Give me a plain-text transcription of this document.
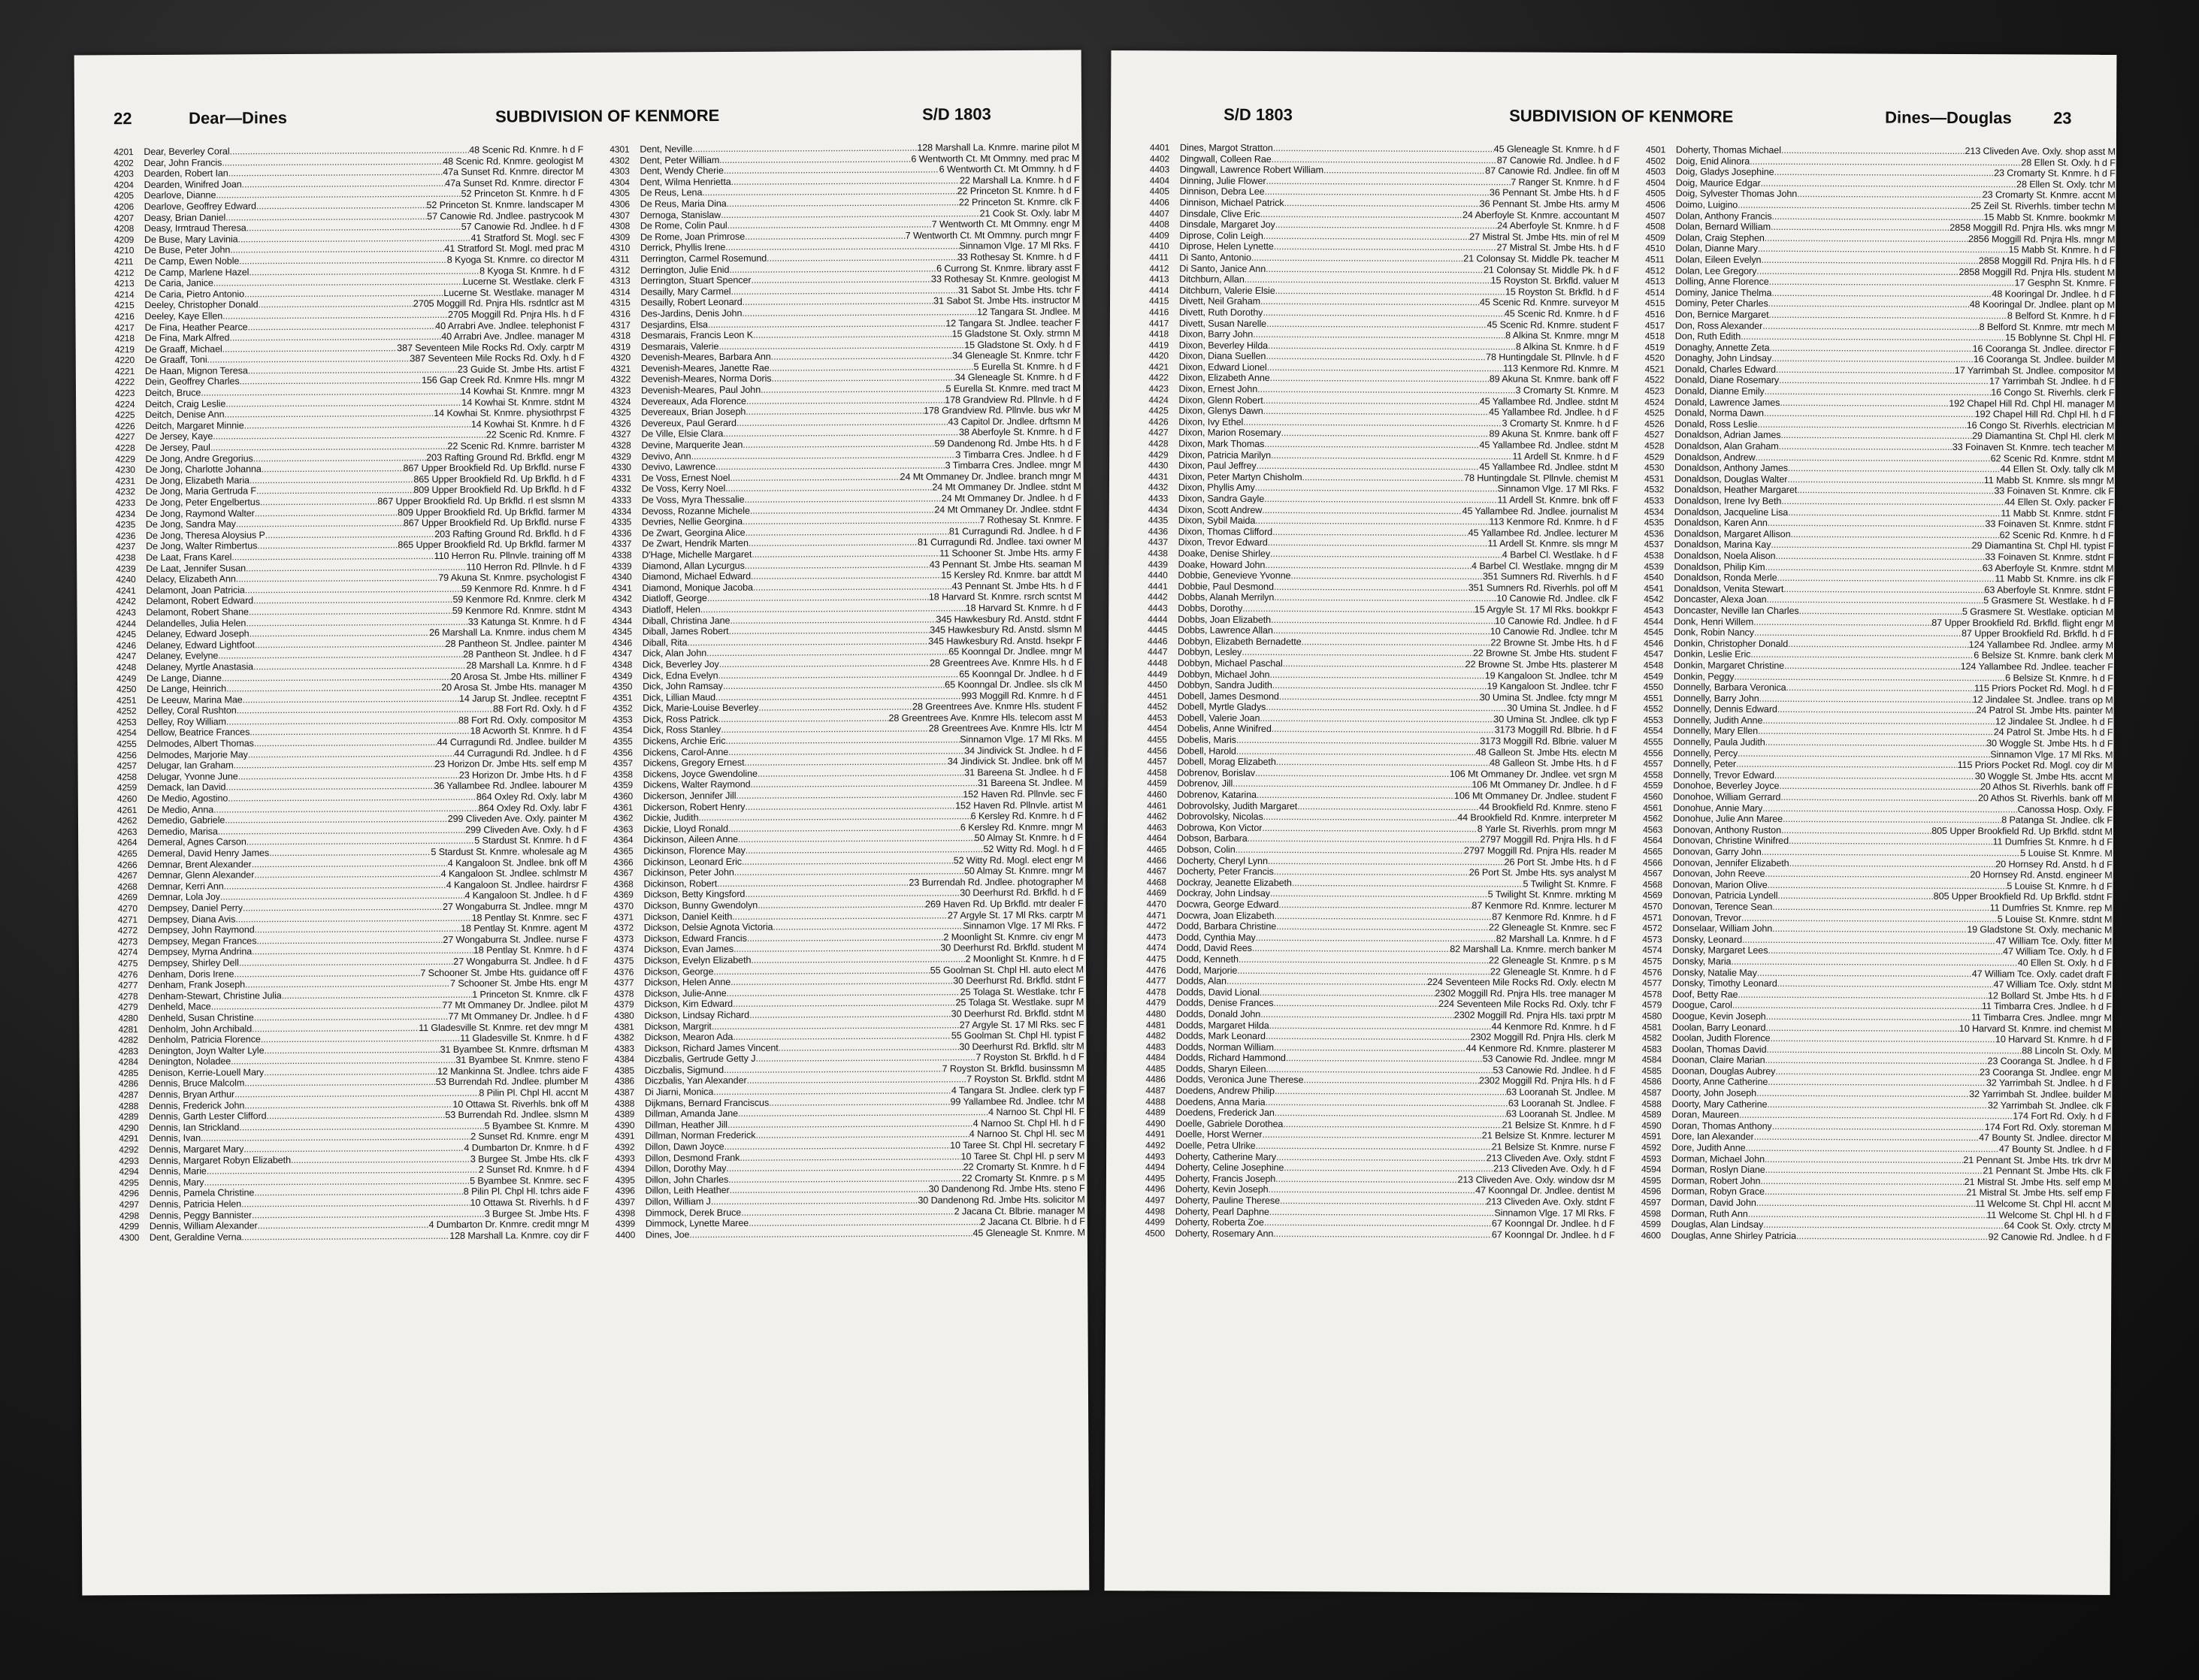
22	Dear—Dines	SUBDIVISION OF KENMORE	S/D 1803
4201	Dear, Beverley Coral .....	48 Scenic Rd. Knmre. h d F
4202	Dear, John Francis .....	48 Scenic Rd. Knmre. geologist M
4203	Dearden, Robert Ian .....	47a Sunset Rd. Knmre. director M
4204	Dearden, Winifred Joan .....	47a Sunset Rd. Knmre. director F
4205	Dearlove, Dianne .....	52 Princeton St. Knmre. h d F
4206	Dearlove, Geoffrey Edward .....	52 Princeton St. Knmre. landscaper M
4207	Deasy, Brian Daniel .....	57 Canowie Rd. Jndlee. pastrycook M
4208	Deasy, Irmtraud Theresa .....	57 Canowie Rd. Jndlee. h d F
4209	De Buse, Mary Lavinia .....	41 Stratford St. Mogl. sec F
4210	De Buse, Peter John .....	41 Stratford St. Mogl. med prac M
4211	De Camp, Ewen Noble .....	8 Kyoga St. Knmre. co director M
4212	De Camp, Marlene Hazel .....	8 Kyoga St. Knmre. h d F
4213	De Caria, Janice .....	Lucerne St. Westlake. clerk F
4214	De Caria, Pietro Antonio .....	Lucerne St. Westlake. manager M
4215	Deeley, Christopher Donald .....	2705 Moggill Rd. Pnjra Hls. rsdntlcr ast M
4216	Deeley, Kaye Ellen .....	2705 Moggill Rd. Pnjra Hls. h d F
4217	De Fina, Heather Pearce .....	40 Arrabri Ave. Jndlee. telephonist F
4218	De Fina, Mark Alfred .....	40 Arrabri Ave. Jndlee. manager M
4219	De Graaff, Michael .....	387 Seventeen Mile Rocks Rd. Oxly. carptr M
4220	De Graaff, Toni .....	387 Seventeen Mile Rocks Rd. Oxly. h d F
4221	De Haan, Mignon Teresa .....	23 Guide St. Jmbe Hts. artist F
4222	Dein, Geoffrey Charles .....	156 Gap Creek Rd. Knmre Hls. mngr M
4223	Deitch, Bruce .....	14 Kowhai St. Knmre. mngr M
4224	Deitch, Craig Leslie .....	14 Kowhai St. Knmre. stdnt M
4225	Deitch, Denise Ann .....	14 Kowhai St. Knmre. physiothrpst F
4226	Deitch, Margaret Minnie .....	14 Kowhai St. Knmre. h d F
4227	De Jersey, Kaye .....	22 Scenic Rd. Knmre. F
4228	De Jersey, Paul .....	22 Scenic Rd. Knmre. barrister M
4229	De Jong, Andre Gregorius .....	203 Rafting Ground Rd. Brkfld. engr M
4230	De Jong, Charlotte Johanna .....	867 Upper Brookfield Rd. Up Brkfld. nurse F
4231	De Jong, Elizabeth Maria .....	865 Upper Brookfield Rd. Up Brkfld. h d F
4232	De Jong, Maria Gertruda F .....	809 Upper Brookfield Rd. Up Brkfld. h d F
4233	De Jong, Peter Engelbertus .....	867 Upper Brookfield Rd. Up Brkfld. rl est slsmn M
4234	De Jong, Raymond Walter .....	809 Upper Brookfield Rd. Up Brkfld. farmer M
4235	De Jong, Sandra May .....	867 Upper Brookfield Rd. Up Brkfld. nurse F
4236	De Jong, Theresa Aloysius P .....	203 Rafting Ground Rd. Brkfld. h d F
4237	De Jong, Walter Rimbertus .....	865 Upper Brookfield Rd. Up Brkfld. farmer M
4238	De Laat, Frans Karel .....	110 Herron Ru. Pllnvle. training off M
4239	De Laat, Jennifer Susan .....	110 Herron Rd. Pllnvle. h d F
4240	Delacy, Elizabeth Ann .....	79 Akuna St. Knmre. psychologist F
4241	Delamont, Joan Patricia .....	59 Kenmore Rd. Knmre. h d F
4242	Delamont, Robert Edward .....	59 Kenmore Rd. Knmre. clerk M
4243	Delamont, Robert Shane .....	59 Kenmore Rd. Knmre. stdnt M
4244	Delandelles, Julia Helen .....	33 Katunga St. Knmre. h d F
4245	Delaney, Edward Joseph .....	26 Marshall La. Knmre. indus chem M
4246	Delaney, Edward Lightfoot .....	28 Pantheon St. Jndlee. painter M
4247	Delaney, Evelyne .....	28 Pantheon St. Jndlee. h d F
4248	Delaney, Myrtle Anastasia .....	28 Marshall La. Knmre. h d F
4249	De Lange, Dianne .....	20 Arosa St. Jmbe Hts. milliner F
4250	De Lange, Heinrich .....	20 Arosa St. Jmbe Hts. manager M
4251	De Leeuw, Marina Mae .....	14 Jarup St. Jndlee. receptnt F
4252	Delley, Coral Rushton .....	88 Fort Rd. Oxly. h d F
4253	Delley, Roy William .....	88 Fort Rd. Oxly. compositor M
4254	Dellow, Beatrice Frances .....	18 Acworth St. Knmre. h d F
4255	Delmodes, Albert Thomas .....	44 Curragundi Rd. Jndlee. builder M
4256	Delmodes, Marjorie May .....	44 Curragundi Rd. Jndlee. h d F
4257	Delugar, Ian Graham .....	23 Horizon Dr. Jmbe Hts. self emp M
4258	Delugar, Yvonne June .....	23 Horizon Dr. Jmbe Hts. h d F
4259	Demack, Ian David .....	36 Yallambee Rd. Jndlee. labourer M
4260	De Medio, Agostino .....	864 Oxley Rd. Oxly. labr M
4261	De Medio, Anna .....	864 Oxley Rd. Oxly. labr F
4262	Demedio, Gabriele .....	299 Cliveden Ave. Oxly. painter M
4263	Demedio, Marisa .....	299 Cliveden Ave. Oxly. h d F
4264	Demeral, Agnes Carson .....	5 Stardust St. Knmre. h d F
4265	Demeral, David Henry James .....	5 Stardust St. Knmre. wholesale ag M
4266	Demnar, Brent Alexander .....	4 Kangaloon St. Jndlee. bnk off M
4267	Demnar, Glenn Alexander .....	4 Kangaloon St. Jndlee. schlmstr M
4268	Demnar, Kerri Ann .....	4 Kangaloon St. Jndlee. hairdrsr F
4269	Demnar, Lola Joy .....	4 Kangaloon St. Jndlee. h d F
4270	Dempsey, Daniel Perry .....	27 Wongaburra St. Jndlee. mngr M
4271	Dempsey, Diana Avis .....	18 Pentlay St. Knmre. sec F
4272	Dempsey, John Raymond .....	18 Pentlay St. Knmre. agent M
4273	Dempsey, Megan Frances .....	27 Wongaburra St. Jndlee. nurse F
4274	Dempsey, Myrna Andrina .....	18 Pentlay St. Knmre. h d F
4275	Dempsey, Shirley Dell .....	27 Wongaburra St. Jndlee. h d F
4276	Denham, Doris Irene .....	7 Schooner St. Jmbe Hts. guidance off F
4277	Denham, Frank Joseph .....	7 Schooner St. Jmbe Hts. engr M
4278	Denham-Stewart, Christine Julia .....	1 Princeton St. Knmre. clk F
4279	Denheld, Mace .....	77 Mt Ommaney Dr. Jndlee. pilot M
4280	Denheld, Susan Christine .....	77 Mt Ommaney Dr. Jndlee. h d F
4281	Denholm, John Archibald .....	11 Gladesville St. Knmre. ret dev mngr M
4282	Denholm, Patricia Florence .....	11 Gladesville St. Knmre. h d F
4283	Denington, Joyn Walter Lyle .....	31 Byambee St. Knmre. drftsman M
4284	Denington, Noladee .....	31 Byambee St. Knmre. steno F
4285	Denison, Kerrie-Louell Mary .....	12 Mankinna St. Jndlee. tchrs aide F
4286	Dennis, Bruce Malcolm .....	53 Burrendah Rd. Jndlee. plumber M
4287	Dennis, Bryan Arthur .....	8 Pilin Pl. Chpl Hl. accnt M
4288	Dennis, Frederick John .....	10 Ottawa St. Riverhls. bnk off M
4289	Dennis, Garth Lester Clifford .....	53 Burrendah Rd. Jndlee. slsmn M
4290	Dennis, Ian Strickland .....	5 Byambee St. Knmre. M
4291	Dennis, Ivan .....	2 Sunset Rd. Knmre. engr M
4292	Dennis, Margaret Mary .....	4 Dumbarton Dr. Knmre. h d F
4293	Dennis, Margaret Robyn Elizabeth .....	3 Burgee St. Jmbe Hts. clk F
4294	Dennis, Marie .....	2 Sunset Rd. Knmre. h d F
4295	Dennis, Mary .....	5 Byambee St. Knmre. sec F
4296	Dennis, Pamela Christine .....	8 Pilin Pl. Chpl Hl. tchrs aide F
4297	Dennis, Patricia Helen .....	10 Ottawa St. Riverhls. h d F
4298	Dennis, Peggy Bannister .....	3 Burgee St. Jmbe Hts. F
4299	Dennis, William Alexander .....	4 Dumbarton Dr. Knmre. credit mngr M
4300	Dent, Geraldine Verna .....	128 Marshall La. Knmre. coy dir F
4301	Dent, Neville .....	128 Marshall La. Knmre. marine pilot M
4302	Dent, Peter William .....	6 Wentworth Ct. Mt Ommny. med prac M
4303	Dent, Wendy Cherie .....	6 Wentworth Ct. Mt Ommny. h d F
4304	Dent, Wilma Henrietta .....	22 Marshall La. Knmre. h d F
4305	De Reus, Lena .....	22 Princeton St. Knmre. h d F
4306	De Reus, Maria Dina .....	22 Princeton St. Knmre. clk F
4307	Dernoga, Stanislaw .....	21 Cook St. Oxly. labr M
4308	De Rome, Colin Paul .....	7 Wentworth Ct. Mt Ommny. engr M
4309	De Rome, Joan Primrose .....	7 Wentworth Ct. Mt Ommny. purch mngr F
4310	Derrick, Phyllis Irene .....	Sinnamon Vlge. 17 Ml Rks. F
4311	Derrington, Carmel Rosemund .....	33 Rothesay St. Knmre. h d F
4312	Derrington, Julie Enid .....	6 Currong St. Knmre. library asst F
4313	Derrington, Stuart Spencer .....	33 Rothesay St. Knmre. geologist M
4314	Desailly, Mary Carmel .....	31 Sabot St. Jmbe Hts. tchr F
4315	Desailly, Robert Leonard .....	31 Sabot St. Jmbe Hts. instructor M
4316	Des-Jardins, Denis John .....	12 Tangara St. Jndlee. M
4317	Desjardins, Elsa .....	12 Tangara St. Jndlee. teacher F
4318	Desmarais, Francis Leon K .....	15 Gladstone St. Oxly. strmn M
4319	Desmarais, Valerie .....	15 Gladstone St. Oxly. h d F
4320	Devenish-Meares, Barbara Ann .....	34 Gleneagle St. Knmre. tchr F
4321	Devenish-Meares, Janette Rae .....	5 Eurella St. Knmre. h d F
4322	Devenish-Meares, Norma Doris .....	34 Gleneagle St. Knmre. h d F
4323	Devenish-Meares, Paul John .....	5 Eurella St. Knmre. med tract M
4324	Devereaux, Ada Florence .....	178 Grandview Rd. Pllnvle. h d F
4325	Devereaux, Brian Joseph .....	178 Grandview Rd. Pllnvle. bus wkr M
4326	Devereux, Paul Gerard .....	43 Capitol Dr. Jndlee. drftsmn M
4327	De Ville, Elsie Clara .....	38 Aberfoyle St. Knmre. h d F
4328	Devine, Marquerite Jean .....	59 Dandenong Rd. Jmbe Hts. h d F
4329	Devivo, Ann .....	3 Timbarra Cres. Jndlee. h d F
4330	Devivo, Lawrence .....	3 Timbarra Cres. Jndlee. mngr M
4331	De Voss, Ernest Noel .....	24 Mt Ommaney Dr. Jndlee. branch mngr M
4332	De Voss, Kerry Noel .....	24 Mt Ommaney Dr. Jndlee. stdnt M
4333	De Voss, Myra Thessalie .....	24 Mt Ommaney Dr. Jndlee. h d F
4334	Devoss, Rozanne Michele .....	24 Mt Ommaney Dr. Jndlee. stdnt F
4335	Devries, Nellie Georgina .....	7 Rothesay St. Knmre. F
4336	De Zwart, Georgina Alice .....	81 Curragundi Rd. Jndlee. h d F
4337	De Zwart, Hendrik Marten .....	81 Curragundi Rd. Jndlee. taxi owner M
4338	D'Hage, Michelle Margaret .....	11 Schooner St. Jmbe Hts. army F
4339	Diamond, Allan Lycurgus .....	43 Pennant St. Jmbe Hts. seaman M
4340	Diamond, Michael Edward .....	15 Kersley Rd. Knmre. bar attdt M
4341	Diamond, Monique Jacoba .....	43 Pennant St. Jmbe Hts. h d F
4342	Diatloff, George .....	18 Harvard St. Knmre. rsrch scntst M
4343	Diatloff, Helen .....	18 Harvard St. Knmre. h d F
4344	Diball, Christina Jane .....	345 Hawkesbury Rd. Anstd. stdnt F
4345	Diball, James Robert .....	345 Hawkesbury Rd. Anstd. slsmn M
4346	Diball, Rita .....	345 Hawkesbury Rd. Anstd. hsekpr F
4347	Dick, Alan John .....	65 Koonngal Dr. Jndlee. mngr M
4348	Dick, Beverley Joy .....	28 Greentrees Ave. Knmre Hls. h d F
4349	Dick, Edna Evelyn .....	65 Koonngal Dr. Jndlee. h d F
4350	Dick, John Ramsay .....	65 Koonngal Dr. Jndlee. sls clk M
4351	Dick, Lillian Maud .....	993 Moggill Rd. Knmre. h d F
4352	Dick, Marie-Louise Beverley .....	28 Greentrees Ave. Knmre Hls. student F
4353	Dick, Ross Patrick .....	28 Greentrees Ave. Knmre Hls. telecom asst M
4354	Dick, Ross Stanley .....	28 Greentrees Ave. Knmre Hls. lctr M
4355	Dickens, Archie Eric .....	Sinnamon Vlge. 17 Ml Rks. M
4356	Dickens, Carol-Anne .....	34 Jindivick St. Jndlee. h d F
4357	Dickens, Gregory Ernest .....	34 Jindivick St. Jndlee. bnk off M
4358	Dickens, Joyce Gwendoline .....	31 Bareena St. Jndlee. h d F
4359	Dickens, Walter Raymond .....	31 Bareena St. Jndlee. M
4360	Dickerson, Jennifer Jill .....	152 Haven Rd. Pllnvle. sec F
4361	Dickerson, Robert Henry .....	152 Haven Rd. Pllnvle. artist M
4362	Dickie, Judith .....	6 Kersley Rd. Knmre. h d F
4363	Dickie, Lloyd Ronald .....	6 Kersley Rd. Knmre. mngr M
4364	Dickinson, Aileen Anne .....	50 Almay St. Knmre. h d F
4365	Dickinson, Florence May .....	52 Witty Rd. Mogl. h d F
4366	Dickinson, Leonard Eric .....	52 Witty Rd. Mogl. elect engr M
4367	Dickinson, Peter John .....	50 Almay St. Knmre. mngr M
4368	Dickinson, Robert .....	23 Burrendah Rd. Jndlee. photographer M
4369	Dickson, Betty Kingsford .....	30 Deerhurst Rd. Brkfld. h d F
4370	Dickson, Bunny Gwendolyn .....	269 Haven Rd. Up Brkfld. mtr dealer F
4371	Dickson, Daniel Keith .....	27 Argyle St. 17 Ml Rks. carptr M
4372	Dickson, Delsie Agnota Victoria .....	Sinnamon Vlge. 17 Ml Rks. F
4373	Dickson, Edward Francis .....	2 Moonlight St. Knmre. civ engr M
4374	Dickson, Evan James .....	30 Deerhurst Rd. Brkfld. student M
4375	Dickson, Evelyn Elizabeth .....	2 Moonlight St. Knmre. h d F
4376	Dickson, George .....	55 Goolman St. Chpl Hl. auto elect M
4377	Dickson, Helen Anne .....	30 Deerhurst Rd. Brkfld. stdnt F
4378	Dickson, Julie-Anne .....	25 Tolaga St. Westlake. tchr F
4379	Dickson, Kim Edward .....	25 Tolaga St. Westlake. supr M
4380	Dickson, Lindsay Richard .....	30 Deerhurst Rd. Brkfld. stdnt M
4381	Dickson, Margrit .....	27 Argyle St. 17 Ml Rks. sec F
4382	Dickson, Mearon Ada .....	55 Goolman St. Chpl Hl. typist F
4383	Dickson, Richard James Vincent .....	30 Deerhurst Rd. Brkfld. sltr M
4384	Diczbalis, Gertrude Getty J .....	7 Royston St. Brkfld. h d F
4385	Diczbalis, Sigmund .....	7 Royston St. Brkfld. businssmn M
4386	Diczbalis, Yan Alexander .....	7 Royston St. Brkfld. stdnt M
4387	Di Jiarni, Monica .....	4 Tangara St. Jndlee. clerk typ F
4388	Dijkmans, Bernard Franciscus .....	99 Yallambee Rd. Jndlee. tchr M
4389	Dillman, Amanda Jane .....	4 Narnoo St. Chpl Hl. F
4390	Dillman, Heather Jill .....	4 Narnoo St. Chpl Hl. h d F
4391	Dillman, Norman Frederick .....	4 Narnoo St. Chpl Hl. sec M
4392	Dillon, Dawn Joyce .....	10 Taree St. Chpl Hl. secretary F
4393	Dillon, Desmond Frank .....	10 Taree St. Chpl Hl. p serv M
4394	Dillon, Dorothy May .....	22 Cromarty St. Knmre. h d F
4395	Dillon, John Charles .....	22 Cromarty St. Knmre. p s M
4396	Dillon, Leith Heather .....	30 Dandenong Rd. Jmbe Hts. steno F
4397	Dillon, William J .....	30 Dandenong Rd. Jmbe Hts. solicitor M
4398	Dimmock, Derek Bruce .....	2 Jacana Ct. Blbrie. manager M
4399	Dimmock, Lynette Maree .....	2 Jacana Ct. Blbrie. h d F
4400	Dines, Joe .....	45 Gleneagle St. Knmre. M
S/D 1803	SUBDIVISION OF KENMORE	Dines—Douglas	23
4401	Dines, Margot Stratton .....	45 Gleneagle St. Knmre. h d F
4402	Dingwall, Colleen Rae .....	87 Canowie Rd. Jndlee. h d F
4403	Dingwall, Lawrence Robert William .....	87 Canowie Rd. Jndlee. fin off M
4404	Dinning, Julie Flower .....	7 Ranger St. Knmre. h d F
4405	Dinnison, Debra Lee .....	36 Pennant St. Jmbe Hts. h d F
4406	Dinnison, Michael Patrick .....	36 Pennant St. Jmbe Hts. army M
4407	Dinsdale, Clive Eric .....	24 Aberfoyle St. Knmre. accountant M
4408	Dinsdale, Margaret Joy .....	24 Aberfoyle St. Knmre. h d F
4409	Diprose, Colin Leigh .....	27 Mistral St. Jmbe Hts. min of rel M
4410	Diprose, Helen Lynette .....	27 Mistral St. Jmbe Hts. h d F
4411	Di Santo, Antonio .....	21 Colonsay St. Middle Pk. teacher M
4412	Di Santo, Janice Ann .....	21 Colonsay St. Middle Pk. h d F
4413	Ditchburn, Allan .....	15 Royston St. Brkfld. valuer M
4414	Ditchburn, Valerie Elsie .....	15 Royston St. Brkfld. h d F
4415	Divett, Neil Graham .....	45 Scenic Rd. Knmre. surveyor M
4416	Divett, Ruth Dorothy .....	45 Scenic Rd. Knmre. h d F
4417	Divett, Susan Narelle .....	45 Scenic Rd. Knmre. student F
4418	Dixon, Barry John .....	8 Alkina St. Knmre. mngr M
4419	Dixon, Beverley Hilda .....	8 Alkina St. Knmre. h d F
4420	Dixon, Diana Suellen .....	78 Huntingdale St. Pllnvle. h d F
4421	Dixon, Edward Lionel .....	113 Kenmore Rd. Knmre. M
4422	Dixon, Elizabeth Anne .....	89 Akuna St. Knmre. bank off F
4423	Dixon, Ernest John .....	3 Cromarty St. Knmre. M
4424	Dixon, Glenn Robert .....	45 Yallambee Rd. Jndlee. stdnt M
4425	Dixon, Glenys Dawn .....	45 Yallambee Rd. Jndlee. h d F
4426	Dixon, Ivy Ethel .....	3 Cromarty St. Knmre. h d F
4427	Dixon, Marion Rosemary .....	89 Akuna St. Knmre. bank off F
4428	Dixon, Mark Thomas .....	45 Yallambee Rd. Jndlee. stdnt M
4429	Dixon, Patricia Marilyn .....	11 Ardell St. Knmre. h d F
4430	Dixon, Paul Jeffrey .....	45 Yallambee Rd. Jndlee. stdnt M
4431	Dixon, Peter Martyn Chisholm .....	78 Huntingdale St. Pllnvle. chemist M
4432	Dixon, Phyllis Amy .....	Sinnamon Vlge. 17 Ml Rks. F
4433	Dixon, Sandra Gayle .....	11 Ardell St. Knmre. bnk off F
4434	Dixon, Scott Andrew .....	45 Yallambee Rd. Jndlee. journalist M
4435	Dixon, Sybil Maida .....	113 Kenmore Rd. Knmre. h d F
4436	Dixon, Thomas Clifford .....	45 Yallambee Rd. Jndlee. lecturer M
4437	Dixon, Trevor Edward .....	11 Ardell St. Knmre. sls mngr M
4438	Doake, Denise Shirley .....	4 Barbel Cl. Westlake. h d F
4439	Doake, Howard John .....	4 Barbel Cl. Westlake. mngng dir M
4440	Dobbie, Genevieve Yvonne .....	351 Sumners Rd. Riverhls. h d F
4441	Dobbie, Paul Desmond .....	351 Sumners Rd. Riverhls. pol off M
4442	Dobbs, Alanah Merrilyn .....	10 Canowie Rd. Jndlee. clk F
4443	Dobbs, Dorothy .....	15 Argyle St. 17 Ml Rks. bookkpr F
4444	Dobbs, Joan Elizabeth .....	10 Canowie Rd. Jndlee. h d F
4445	Dobbs, Lawrence Allan .....	10 Canowie Rd. Jndlee. tchr M
4446	Dobbyn, Elizabeth Bernadette .....	22 Browne St. Jmbe Hts. h d F
4447	Dobbyn, Lesley .....	22 Browne St. Jmbe Hts. student F
4448	Dobbyn, Michael Paschal .....	22 Browne St. Jmbe Hts. plasterer M
4449	Dobbyn, Michael John .....	19 Kangaloon St. Jndlee. tchr M
4450	Dobbyn, Sandra Judith .....	19 Kangaloon St. Jndlee. tchr F
4451	Dobell, James Desmond .....	30 Umina St. Jndlee. fcty mngr M
4452	Dobell, Myrtle Gladys .....	30 Umina St. Jndlee. h d F
4453	Dobell, Valerie Joan .....	30 Umina St. Jndlee. clk typ F
4454	Dobelis, Anne Winifred .....	3173 Moggill Rd. Blbrie. h d F
4455	Dobelis, Maris .....	3173 Moggill Rd. Blbrie. valuer M
4456	Dobell, Harold .....	48 Galleon St. Jmbe Hts. electn M
4457	Dobell, Morag Elizabeth .....	48 Galleon St. Jmbe Hts. h d F
4458	Dobrenov, Borislav .....	106 Mt Ommaney Dr. Jndlee. vet srgn M
4459	Dobrenov, Jill .....	106 Mt Ommaney Dr. Jndlee. h d F
4460	Dobrenov, Katarina .....	106 Mt Ommaney Dr. Jndlee. student F
4461	Dobrovolsky, Judith Margaret .....	44 Brookfield Rd. Knmre. steno F
4462	Dobrovolsky, Nicolas .....	44 Brookfield Rd. Knmre. interpreter M
4463	Dobrowa, Kon Victor .....	8 Yarle St. Riverhls. prom mngr M
4464	Dobson, Barbara .....	2797 Moggill Rd. Pnjra Hls. h d F
4465	Dobson, Colin .....	2797 Moggill Rd. Pnjra Hls. reader M
4466	Docherty, Cheryl Lynn .....	26 Port St. Jmbe Hts. h d F
4467	Docherty, Peter Francis .....	26 Port St. Jmbe Hts. sys analyst M
4468	Dockray, Jeanette Elizabeth .....	5 Twilight St. Knmre. F
4469	Dockray, John Lindsay .....	5 Twilight St. Knmre. mrkting M
4470	Docwra, George Edward .....	87 Kenmore Rd. Knmre. lecturer M
4471	Docwra, Joan Elizabeth .....	87 Kenmore Rd. Knmre. h d F
4472	Dodd, Barbara Christine .....	22 Gleneagle St. Knmre. sec F
4473	Dodd, Cynthia May .....	82 Marshall La. Knmre. h d F
4474	Dodd, David Rees .....	82 Marshall La. Knmre. merch banker M
4475	Dodd, Kenneth .....	22 Gleneagle St. Knmre. p s M
4476	Dodd, Marjorie .....	22 Gleneagle St. Knmre. h d F
4477	Dodds, Alan .....	224 Seventeen Mile Rocks Rd. Oxly. electn M
4478	Dodds, David Lional .....	2302 Moggill Rd. Pnjra Hls. tree manager M
4479	Dodds, Denise Frances .....	224 Seventeen Mile Rocks Rd. Oxly. tchr F
4480	Dodds, Donald John .....	2302 Moggill Rd. Pnjra Hls. taxi prptr M
4481	Dodds, Margaret Hilda .....	44 Kenmore Rd. Knmre. h d F
4482	Dodds, Mark Leonard .....	2302 Moggill Rd. Pnjra Hls. clerk M
4483	Dodds, Norman William .....	44 Kenmore Rd. Knmre. plasterer M
4484	Dodds, Richard Hammond .....	53 Canowie Rd. Jndlee. mngr M
4485	Dodds, Sharyn Eileen .....	53 Canowie Rd. Jndlee. h d F
4486	Dodds, Veronica June Therese .....	2302 Moggill Rd. Pnjra Hls. h d F
4487	Doedens, Andrew Philip .....	63 Looranah St. Jndlee. M
4488	Doedens, Anna Maria .....	63 Looranah St. Jndlee. F
4489	Doedens, Frederick Jan .....	63 Looranah St. Jndlee. M
4490	Doelle, Gabriele Dorothea .....	21 Belsize St. Knmre. h d F
4491	Doelle, Horst Werner .....	21 Belsize St. Knmre. lecturer M
4492	Doelle, Petra Ulrike .....	21 Belsize St. Knmre. nurse F
4493	Doherty, Catherine Mary .....	213 Cliveden Ave. Oxly. stdnt F
4494	Doherty, Celine Josephine .....	213 Cliveden Ave. Oxly. h d F
4495	Doherty, Francis Joseph .....	213 Cliveden Ave. Oxly. window dsr M
4496	Doherty, Kevin Joseph .....	47 Koonngal Dr. Jndlee. dentist M
4497	Doherty, Pauline Therese .....	213 Cliveden Ave. Oxly. stdnt F
4498	Doherty, Pearl Daphne .....	Sinnamon Vlge. 17 Ml Rks. F
4499	Doherty, Roberta Zoe .....	67 Koonngal Dr. Jndlee. h d F
4500	Doherty, Rosemary Ann .....	67 Koonngal Dr. Jndlee. h d F
4501	Doherty, Thomas Michael .....	213 Cliveden Ave. Oxly. shop asst M
4502	Doig, Enid Alinora .....	28 Ellen St. Oxly. h d F
4503	Doig, Gladys Josephine .....	23 Cromarty St. Knmre. h d F
4504	Doig, Maurice Edgar .....	28 Ellen St. Oxly. tchr M
4505	Doig, Sylvester Thomas John .....	23 Cromarty St. Knmre. accnt M
4506	Doimo, Luigino .....	25 Zeil St. Riverhls. timber techn M
4507	Dolan, Anthony Francis .....	15 Mabb St. Knmre. bookmkr M
4508	Dolan, Bernard William .....	2858 Moggill Rd. Pnjra Hls. wks mngr M
4509	Dolan, Craig Stephen .....	2856 Moggill Rd. Pnjra Hls. mngr M
4510	Dolan, Dianne Mary .....	15 Mabb St. Knmre. h d F
4511	Dolan, Eileen Evelyn .....	2858 Moggill Rd. Pnjra Hls. h d F
4512	Dolan, Lee Gregory .....	2858 Moggill Rd. Pnjra Hls. student M
4513	Dolling, Anne Florence .....	17 Gesphn St. Knmre. F
4514	Dominy, Janice Thelma .....	48 Kooringal Dr. Jndlee. h d F
4515	Dominy, Peter Charles .....	48 Kooringal Dr. Jndlee. plant op M
4516	Don, Bernice Margaret .....	8 Belford St. Knmre. h d F
4517	Don, Ross Alexander .....	8 Belford St. Knmre. mtr mech M
4518	Don, Ruth Edith .....	15 Boblynne St. Chpl Hl. F
4519	Donaghy, Annette Zeta .....	16 Cooranga St. Jndlee. director F
4520	Donaghy, John Lindsay .....	16 Cooranga St. Jndlee. builder M
4521	Donald, Charles Edward .....	17 Yarrimbah St. Jndlee. compositor M
4522	Donald, Diane Rosemary .....	17 Yarrimbah St. Jndlee. h d F
4523	Donald, Dianne Emily .....	16 Congo St. Riverhls. clerk F
4524	Donald, Lawrence James .....	192 Chapel Hill Rd. Chpl Hl. manager M
4525	Donald, Norma Dawn .....	192 Chapel Hill Rd. Chpl Hl. h d F
4526	Donald, Ross Leslie .....	16 Congo St. Riverhls. electrician M
4527	Donaldson, Adrian James .....	29 Diamantina St. Chpl Hl. clerk M
4528	Donaldson, Alan Graham .....	33 Foinaven St. Knmre. tech teacher M
4529	Donaldson, Andrew .....	62 Scenic Rd. Knmre. stdnt M
4530	Donaldson, Anthony James .....	44 Ellen St. Oxly. tally clk M
4531	Donaldson, Douglas Walter .....	11 Mabb St. Knmre. sls mngr M
4532	Donaldson, Heather Margaret .....	33 Foinaven St. Knmre. clk F
4533	Donaldson, Irene Ivy Beth .....	44 Ellen St. Oxly. packer F
4534	Donaldson, Jacqueline Lisa .....	11 Mabb St. Knmre. stdnt F
4535	Donaldson, Karen Ann .....	33 Foinaven St. Knmre. stdnt F
4536	Donaldson, Margaret Allison .....	62 Scenic Rd. Knmre. h d F
4537	Donaldson, Marina Kay .....	29 Diamantina St. Chpl Hl. typist F
4538	Donaldson, Noela Alison .....	33 Foinaven St. Knmre. stdnt F
4539	Donaldson, Philip Kim .....	63 Aberfoyle St. Knmre. stdnt M
4540	Donaldson, Ronda Merle .....	11 Mabb St. Knmre. ins clk F
4541	Donaldson, Venita Stewart .....	63 Aberfoyle St. Knmre. stdnt F
4542	Doncaster, Alexa Joan .....	5 Grasmere St. Westlake. h d F
4543	Doncaster, Neville Ian Charles .....	5 Grasmere St. Westlake. optician M
4544	Donk, Henri Willem .....	87 Upper Brookfield Rd. Brkfld. flight engr M
4545	Donk, Robin Nancy .....	87 Upper Brookfield Rd. Brkfld. h d F
4546	Donkin, Christopher Donald .....	124 Yallambee Rd. Jndlee. army M
4547	Donkin, Leslie Eric .....	6 Belsize St. Knmre. bank clerk M
4548	Donkin, Margaret Christine .....	124 Yallambee Rd. Jndlee. teacher F
4549	Donkin, Peggy .....	6 Belsize St. Knmre. h d F
4550	Donnelly, Barbara Veronica .....	115 Priors Pocket Rd. Mogl. h d F
4551	Donnelly, Barry John .....	12 Jindalee St. Jndlee. trans op M
4552	Donnelly, Dennis Edward .....	24 Patrol St. Jmbe Hts. painter M
4553	Donnelly, Judith Anne .....	12 Jindalee St. Jndlee. h d F
4554	Donnelly, Mary Ellen .....	24 Patrol St. Jmbe Hts. h d F
4555	Donnelly, Paula Judith .....	30 Woggle St. Jmbe Hts. h d F
4556	Donnelly, Percy .....	Sinnamon Vlge. 17 Ml Rks. M
4557	Donnelly, Peter .....	115 Priors Pocket Rd. Mogl. coy dir M
4558	Donnelly, Trevor Edward .....	30 Woggle St. Jmbe Hts. accnt M
4559	Donohoe, Beverley Joyce .....	20 Athos St. Riverhls. bank off F
4560	Donohoe, William Gerrard .....	20 Athos St. Riverhls. bank off M
4561	Donohue, Annie Mary .....	Canossa Hosp. Oxly. F
4562	Donohue, Julie Ann Maree .....	8 Patanga St. Jndlee. clk F
4563	Donovan, Anthony Ruston .....	805 Upper Brookfield Rd. Up Brkfld. stdnt M
4564	Donovan, Christine Winifred .....	11 Dumfries St. Knmre. h d F
4565	Donovan, Garry John .....	5 Louise St. Knmre. M
4566	Donovan, Jennifer Elizabeth .....	20 Hornsey Rd. Anstd. h d F
4567	Donovan, John Reeve .....	20 Hornsey Rd. Anstd. engineer M
4568	Donovan, Marion Olive .....	5 Louise St. Knmre. h d F
4569	Donovan, Patricia Lyndell .....	805 Upper Brookfield Rd. Up Brkfld. stdnt F
4570	Donovan, Terence Sean .....	11 Dumfries St. Knmre. rep M
4571	Donovan, Trevor .....	5 Louise St. Knmre. stdnt M
4572	Donselaar, William John .....	19 Gladstone St. Oxly. mechanic M
4573	Donsky, Leonard .....	47 William Tce. Oxly. fitter M
4574	Donsky, Margaret Lees .....	47 William Tce. Oxly. h d F
4575	Donsky, Maria .....	40 Ellen St. Oxly. h d F
4576	Donsky, Natalie May .....	47 William Tce. Oxly. cadet draft F
4577	Donsky, Timothy Leonard .....	47 William Tce. Oxly. stdnt M
4578	Doof, Betty Rae .....	12 Bollard St. Jmbe Hts. h d F
4579	Doogue, Carol .....	11 Timbarra Cres. Jndlee. h d F
4580	Doogue, Kevin Joseph .....	11 Timbarra Cres. Jndlee. mngr M
4581	Doolan, Barry Leonard .....	10 Harvard St. Knmre. ind chemist M
4582	Doolan, Judith Florence .....	10 Harvard St. Knmre. h d F
4583	Doolan, Thomas David .....	88 Lincoln St. Oxly. M
4584	Doonan, Claire Marian .....	23 Cooranga St. Jndlee. h d F
4585	Doonan, Douglas Aubrey .....	23 Cooranga St. Jndlee. engr M
4586	Doorty, Anne Catherine .....	32 Yarrimbah St. Jndlee. h d F
4587	Doorty, John Joseph .....	32 Yarrimbah St. Jndlee. builder M
4588	Doorty, Mary Catherine .....	32 Yarrimbah St. Jndlee. clk F
4589	Doran, Maureen .....	174 Fort Rd. Oxly. h d F
4590	Doran, Thomas Anthony .....	174 Fort Rd. Oxly. storeman M
4591	Dore, Ian Alexander .....	47 Bounty St. Jndlee. director M
4592	Dore, Judith Anne .....	47 Bounty St. Jndlee. h d F
4593	Dorman, Michael John .....	21 Pennant St. Jmbe Hts. trk drvr M
4594	Dorman, Roslyn Diane .....	21 Pennant St. Jmbe Hts. clk F
4595	Dorman, Robert John .....	21 Mistral St. Jmbe Hts. self emp M
4596	Dorman, Robyn Grace .....	21 Mistral St. Jmbe Hts. self emp F
4597	Dorman, David John .....	11 Welcome St. Chpl Hl. accnt M
4598	Dorman, Ruth Ann .....	11 Welcome St. Chpl Hl. h d F
4599	Douglas, Alan Lindsay .....	64 Cook St. Oxly. ctrcty M
4600	Douglas, Anne Shirley Patricia .....	92 Canowie Rd. Jndlee. h d F
